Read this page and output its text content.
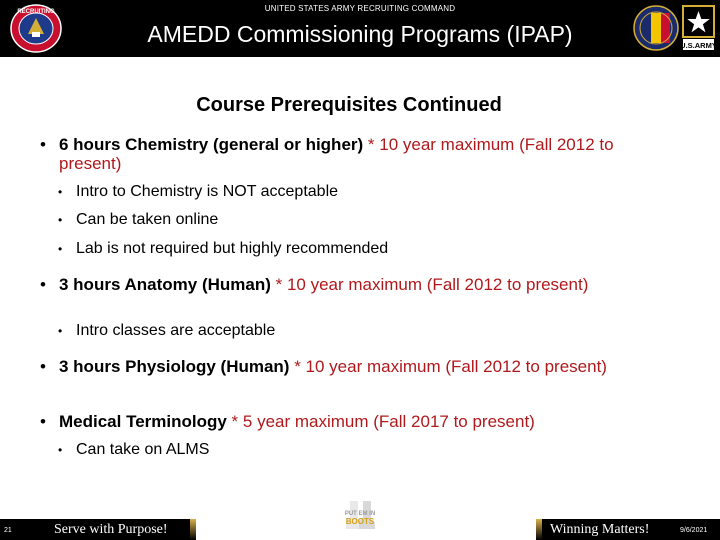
UNITED STATES ARMY RECRUITING COMMAND
AMEDD Commissioning Programs (IPAP)
RECRUITING
U.S.ARMY
Course Prerequisites Continued
• 6 hours Chemistry (general or higher) * 10 year maximum (Fall 2012 to present)
• Intro to Chemistry is NOT acceptable
• Can be taken online
• Lab is not required but highly recommended
• 3 hours Anatomy (Human) * 10 year maximum (Fall 2012 to present)
• Intro classes are acceptable
• 3 hours Physiology (Human) * 10 year maximum (Fall 2012 to present)
• Medical Terminology * 5 year maximum (Fall 2017 to present)
• Can take on ALMS
21	Serve with Purpose!	Winning Matters!	9/6/2021
PUT EM IN
BOOTS
